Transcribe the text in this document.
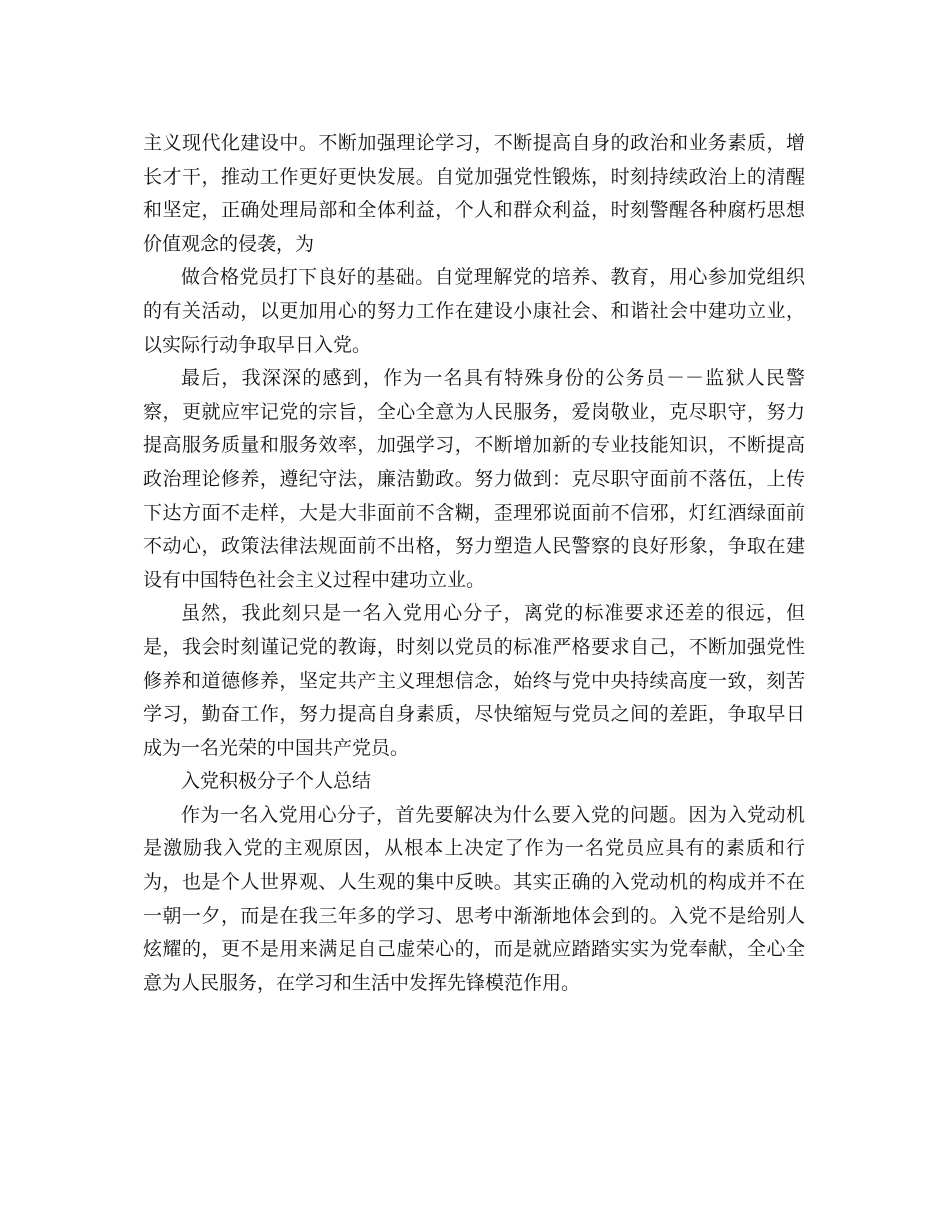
主义现代化建设中。不断加强理论学习，不断提高自身的政治和业务素质，增长才干，推动工作更好更快发展。自觉加强党性锻炼，时刻持续政治上的清醒和坚定，正确处理局部和全体利益，个人和群众利益，时刻警醒各种腐朽思想价值观念的侵袭，为

做合格党员打下良好的基础。自觉理解党的培养、教育，用心参加党组织的有关活动，以更加用心的努力工作在建设小康社会、和谐社会中建功立业，以实际行动争取早日入党。

最后，我深深的感到，作为一名具有特殊身份的公务员－－监狱人民警察，更就应牢记党的宗旨，全心全意为人民服务，爱岗敬业，克尽职守，努力提高服务质量和服务效率，加强学习，不断增加新的专业技能知识，不断提高政治理论修养，遵纪守法，廉洁勤政。努力做到：克尽职守面前不落伍，上传下达方面不走样，大是大非面前不含糊，歪理邪说面前不信邪，灯红酒绿面前不动心，政策法律法规面前不出格，努力塑造人民警察的良好形象，争取在建设有中国特色社会主义过程中建功立业。

虽然，我此刻只是一名入党用心分子，离党的标准要求还差的很远，但是，我会时刻谨记党的教诲，时刻以党员的标准严格要求自己，不断加强党性修养和道德修养，坚定共产主义理想信念，始终与党中央持续高度一致，刻苦学习，勤奋工作，努力提高自身素质，尽快缩短与党员之间的差距，争取早日成为一名光荣的中国共产党员。

入党积极分子个人总结

作为一名入党用心分子，首先要解决为什么要入党的问题。因为入党动机是激励我入党的主观原因，从根本上决定了作为一名党员应具有的素质和行为，也是个人世界观、人生观的集中反映。其实正确的入党动机的构成并不在一朝一夕，而是在我三年多的学习、思考中渐渐地体会到的。入党不是给别人炫耀的，更不是用来满足自己虚荣心的，而是就应踏踏实实为党奉献，全心全意为人民服务，在学习和生活中发挥先锋模范作用。
